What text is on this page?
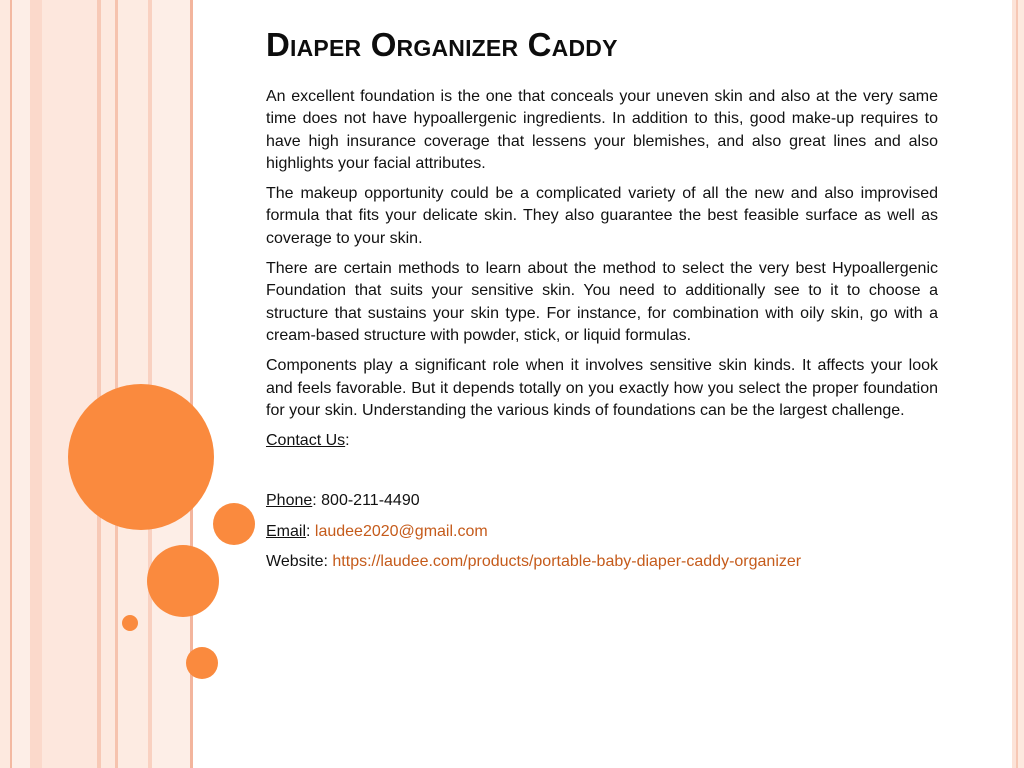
Diaper Organizer Caddy

An excellent foundation is the one that conceals your uneven skin and also at the very same time does not have hypoallergenic ingredients. In addition to this, good make-up requires to have high insurance coverage that lessens your blemishes, and also great lines and also highlights your facial attributes.

The makeup opportunity could be a complicated variety of all the new and also improvised formula that fits your delicate skin. They also guarantee the best feasible surface as well as coverage to your skin.

There are certain methods to learn about the method to select the very best Hypoallergenic Foundation that suits your sensitive skin. You need to additionally see to it to choose a structure that sustains your skin type. For instance, for combination with oily skin, go with a cream-based structure with powder, stick, or liquid formulas.

Components play a significant role when it involves sensitive skin kinds. It affects your look and feels favorable. But it depends totally on you exactly how you select the proper foundation for your skin. Understanding the various kinds of foundations can be the largest challenge.

Contact Us:

Phone: 800-211-4490

Email: laudee2020@gmail.com

Website: https://laudee.com/products/portable-baby-diaper-caddy-organizer
